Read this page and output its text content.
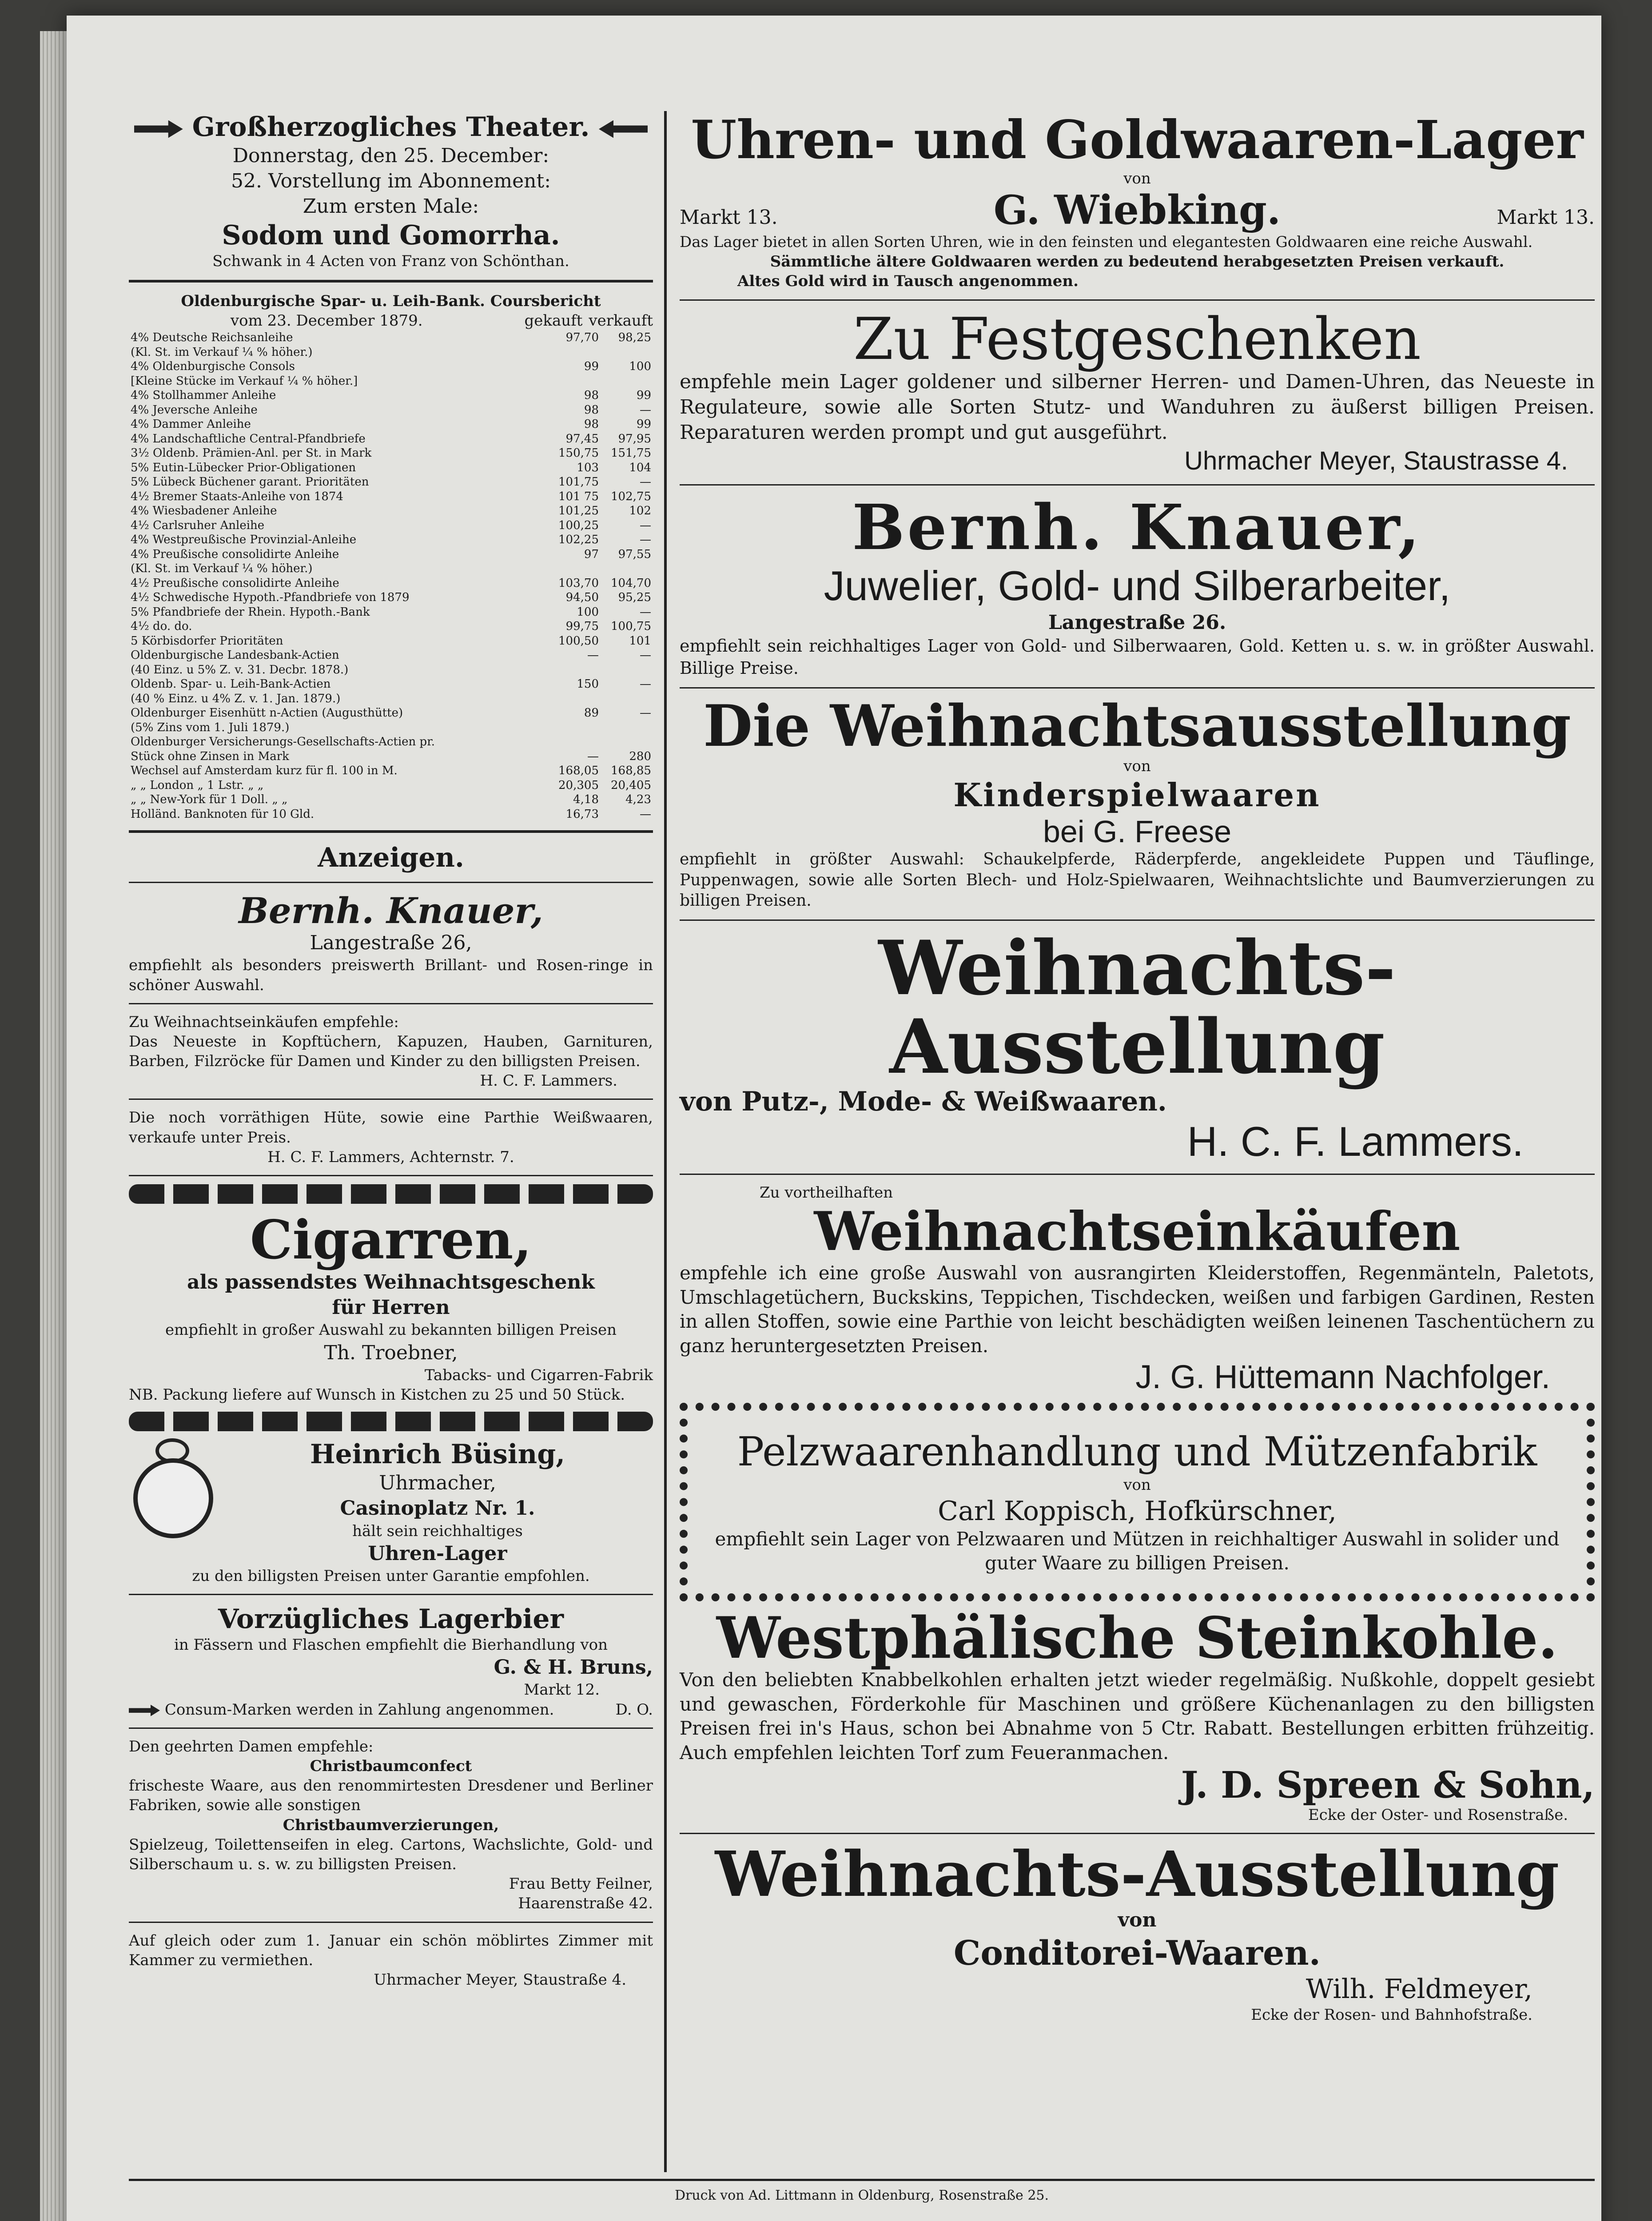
Großherzogliches Theater.
Donnerstag, den 25. December:
52. Vorstellung im Abonnement:
Zum ersten Male:
Sodom und Gomorrha.
Schwank in 4 Acten von Franz von Schönthan.
Oldenburgische Spar- u. Leih-Bank. Coursbericht
vom 23. December 1879.	gekauft verkauft
4% Deutsche Reichsanleihe	97,70	98,25
(Kl. St. im Verkauf ¼ % höher.)		
4% Oldenburgische Consols	99	100
[Kleine Stücke im Verkauf ¼ % höher.]		
4% Stollhammer Anleihe	98	99
4% Jeversche Anleihe	98	—
4% Dammer Anleihe	98	99
4% Landschaftliche Central-Pfandbriefe	97,45	97,95
3½ Oldenb. Prämien-Anl. per St. in Mark	150,75	151,75
5% Eutin-Lübecker Prior-Obligationen	103	104
5% Lübeck Büchener garant. Prioritäten	101,75	—
4½ Bremer Staats-Anleihe von 1874	101 75	102,75
4% Wiesbadener Anleihe	101,25	102
4½ Carlsruher Anleihe	100,25	—
4% Westpreußische Provinzial-Anleihe	102,25	—
4% Preußische consolidirte Anleihe	97	97,55
(Kl. St. im Verkauf ¼ % höher.)		
4½ Preußische consolidirte Anleihe	103,70	104,70
4½ Schwedische Hypoth.-Pfandbriefe von 1879	94,50	95,25
5% Pfandbriefe der Rhein. Hypoth.-Bank	100	—
4½ do. do.	99,75	100,75
5 Körbisdorfer Prioritäten	100,50	101
Oldenburgische Landesbank-Actien	—	—
(40 Einz. u 5% Z. v. 31. Decbr. 1878.)		
Oldenb. Spar- u. Leih-Bank-Actien	150	—
(40 % Einz. u 4% Z. v. 1. Jan. 1879.)		
Oldenburger Eisenhütt n-Actien (Augusthütte)	89	—
(5% Zins vom 1. Juli 1879.)		
Oldenburger Versicherungs-Gesellschafts-Actien pr.		
Stück ohne Zinsen in Mark	—	280
Wechsel auf Amsterdam kurz für fl. 100 in M.	168,05	168,85
„ „ London „ 1 Lstr. „ „	20,305	20,405
„ „ New-York für 1 Doll. „ „	4,18	4,23
Holländ. Banknoten für 10 Gld.	16,73	—
Anzeigen.
Bernh. Knauer,
Langestraße 26,
empfiehlt als besonders preiswerth Brillant- und Rosen-ringe in schöner Auswahl.
Zu Weihnachtseinkäufen empfehle:
Das Neueste in Kopftüchern, Kapuzen, Hauben, Garnituren, Barben, Filzröcke für Damen und Kinder zu den billigsten Preisen.
H. C. F. Lammers.
Die noch vorräthigen Hüte, sowie eine Parthie Weißwaaren, verkaufe unter Preis.
H. C. F. Lammers, Achternstr. 7.
Cigarren,
als passendstes Weihnachtsgeschenk
für Herren
empfiehlt in großer Auswahl zu bekannten billigen Preisen
Th. Troebner,
Tabacks- und Cigarren-Fabrik
NB. Packung liefere auf Wunsch in Kistchen zu 25 und 50 Stück.
Heinrich Büsing,
Uhrmacher,
Casinoplatz Nr. 1.
hält sein reichhaltiges
Uhren-Lager
zu den billigsten Preisen unter Garantie empfohlen.
Vorzügliches Lagerbier
in Fässern und Flaschen empfiehlt die Bierhandlung von
G. & H. Bruns,
Markt 12.
Consum-Marken werden in Zahlung angenommen.	D. O.
Den geehrten Damen empfehle:
Christbaumconfect
frischeste Waare, aus den renommirtesten Dresdener und Berliner Fabriken, sowie alle sonstigen
Christbaumverzierungen,
Spielzeug, Toilettenseifen in eleg. Cartons, Wachslichte, Gold- und Silberschaum u. s. w. zu billigsten Preisen.
Frau Betty Feilner,
Haarenstraße 42.
Auf gleich oder zum 1. Januar ein schön möblirtes Zimmer mit Kammer zu vermiethen.
Uhrmacher Meyer, Staustraße 4.
Uhren- und Goldwaaren-Lager
von
Markt 13.	G. Wiebking.	Markt 13.
Das Lager bietet in allen Sorten Uhren, wie in den feinsten und elegantesten Goldwaaren eine reiche Auswahl.
Sämmtliche ältere Goldwaaren werden zu bedeutend herabgesetzten Preisen verkauft.
Altes Gold wird in Tausch angenommen.
Zu Festgeschenken
empfehle mein Lager goldener und silberner Herren- und Damen-Uhren, das Neueste in Regulateure, sowie alle Sorten Stutz- und Wanduhren zu äußerst billigen Preisen. Reparaturen werden prompt und gut ausgeführt.
Uhrmacher Meyer, Staustrasse 4.
Bernh. Knauer,
Juwelier, Gold- und Silberarbeiter,
Langestraße 26.
empfiehlt sein reichhaltiges Lager von Gold- und Silberwaaren, Gold. Ketten u. s. w. in größter Auswahl. Billige Preise.
Die Weihnachtsausstellung
von
Kinderspielwaaren
bei G. Freese
empfiehlt in größter Auswahl: Schaukelpferde, Räderpferde, angekleidete Puppen und Täuflinge, Puppenwagen, sowie alle Sorten Blech- und Holz-Spielwaaren, Weihnachtslichte und Baumverzierungen zu billigen Preisen.
Weihnachts-Ausstellung
von Putz-, Mode- & Weißwaaren.
H. C. F. Lammers.
Zu vortheilhaften
Weihnachtseinkäufen
empfehle ich eine große Auswahl von ausrangirten Kleiderstoffen, Regenmänteln, Paletots, Umschlagetüchern, Buckskins, Teppichen, Tischdecken, weißen und farbigen Gardinen, Resten in allen Stoffen, sowie eine Parthie von leicht beschädigten weißen leinenen Taschentüchern zu ganz heruntergesetzten Preisen.
J. G. Hüttemann Nachfolger.
Pelzwaarenhandlung und Mützenfabrik
von
Carl Koppisch, Hofkürschner,
empfiehlt sein Lager von Pelzwaaren und Mützen in reichhaltiger Auswahl in solider und guter Waare zu billigen Preisen.
Westphälische Steinkohle.
Von den beliebten Knabbelkohlen erhalten jetzt wieder regelmäßig. Nußkohle, doppelt gesiebt und gewaschen, Förderkohle für Maschinen und größere Küchenanlagen zu den billigsten Preisen frei in's Haus, schon bei Abnahme von 5 Ctr. Rabatt. Bestellungen erbitten frühzeitig. Auch empfehlen leichten Torf zum Feueranmachen.
J. D. Spreen & Sohn,
Ecke der Oster- und Rosenstraße.
Weihnachts-Ausstellung
von
Conditorei-Waaren.
Wilh. Feldmeyer,
Ecke der Rosen- und Bahnhofstraße.
Druck von Ad. Littmann in Oldenburg, Rosenstraße 25.
